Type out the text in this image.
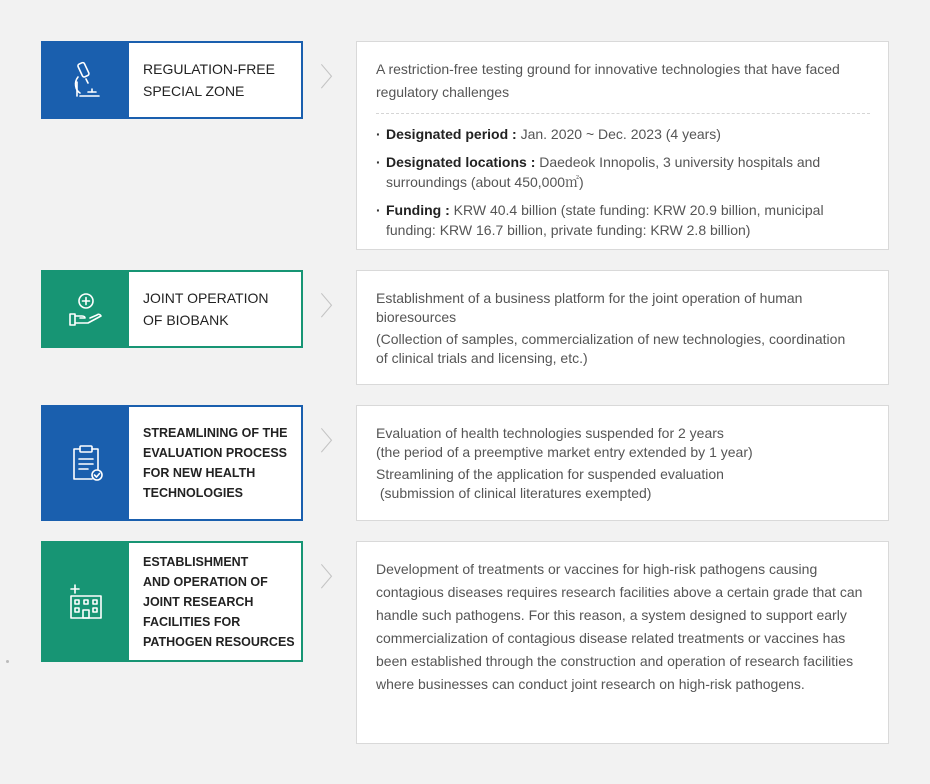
REGULATION-FREE
SPECIAL ZONE	〉 A restriction-free testing ground for innovative technologies that have faced regulatory challenges

· Designated period : Jan. 2020 ~ Dec. 2023 (4 years)
· Designated locations : Daedeok Innopolis, 3 university hospitals and surroundings (about 450,000㎡)
· Funding : KRW 40.4 billion (state funding: KRW 20.9 billion, municipal funding: KRW 16.7 billion, private funding: KRW 2.8 billion)
JOINT OPERATION
OF BIOBANK	〉 Establishment of a business platform for the joint operation of human bioresources

(Collection of samples, commercialization of new technologies, coordination of clinical trials and licensing, etc.)

STREAMLINING OF THE
EVALUATION PROCESS
FOR NEW HEALTH
TECHNOLOGIES
〉 Evaluation of health technologies suspended for 2 years

(the period of a preemptive market entry extended by 1 year)

Streamlining of the application for suspended evaluation

(submission of clinical literatures exempted)

ESTABLISHMENT
AND OPERATION OF
JOINT RESEARCH
FACILITIES FOR
PATHOGEN RESOURCES
〉 Development of treatments or vaccines for high-risk pathogens causing contagious diseases requires research facilities above a certain grade that can handle such pathogens. For this reason, a system designed to support early commercialization of contagious disease related treatments or vaccines has been established through the construction and operation of research facilities where businesses can conduct joint research on high-risk pathogens.
